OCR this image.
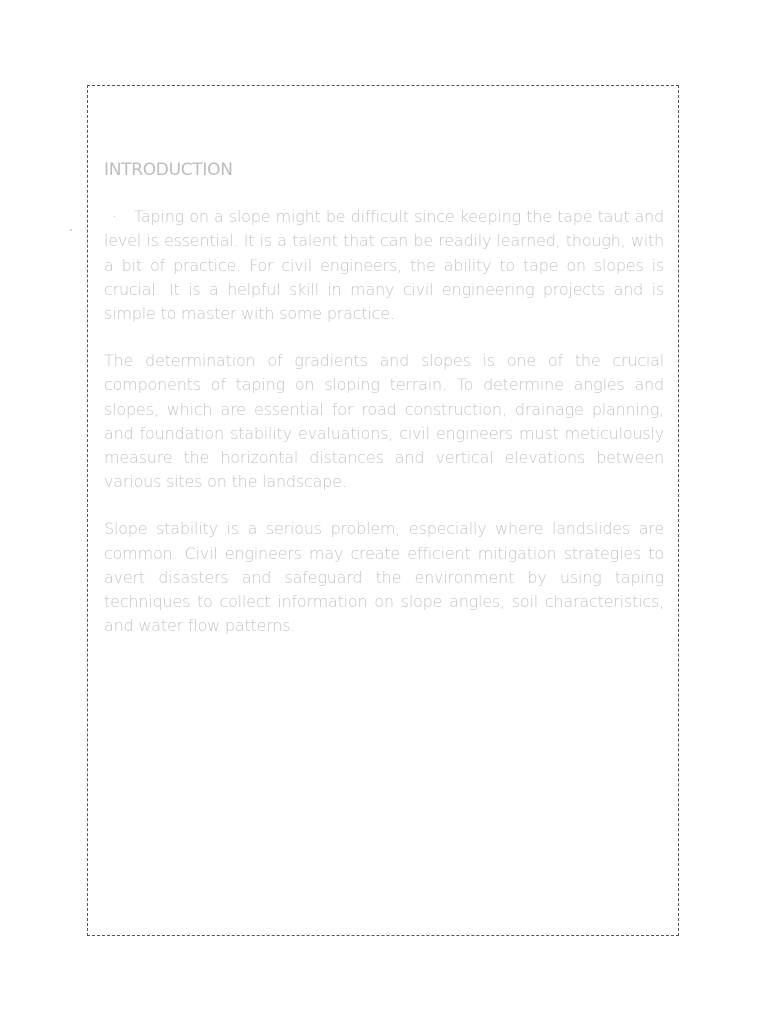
INTRODUCTION

· Taping on a slope might be difficult since keeping the tape taut and level is essential. It is a talent that can be readily learned, though, with a bit of practice. For civil engineers, the ability to tape on slopes is crucial. It is a helpful skill in many civil engineering projects and is simple to master with some practice.

The determination of gradients and slopes is one of the crucial components of taping on sloping terrain. To determine angles and slopes, which are essential for road construction, drainage planning, and foundation stability evaluations, civil engineers must meticulously measure the horizontal distances and vertical elevations between various sites on the landscape.

Slope stability is a serious problem, especially where landslides are common. Civil engineers may create efficient mitigation strategies to avert disasters and safeguard the environment by using taping techniques to collect information on slope angles, soil characteristics, and water flow patterns.
